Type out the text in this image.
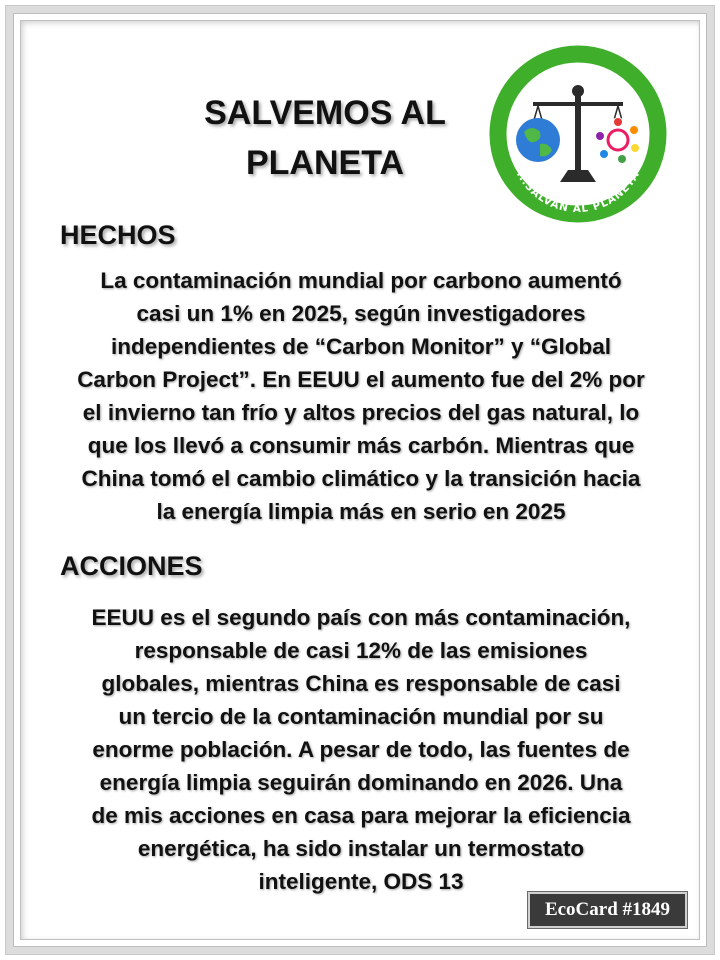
SALVEMOS AL
PLANETA
TUS ACCIONES...
...SALVAN AL PLANETA
HECHOS
La contaminación mundial por carbono aumentó
casi un 1% en 2025, según investigadores
independientes de “Carbon Monitor” y “Global
Carbon Project”. En EEUU el aumento fue del 2% por
el invierno tan frío y altos precios del gas natural, lo
que los llevó a consumir más carbón. Mientras que
China tomó el cambio climático y la transición hacia
la energía limpia más en serio en 2025
ACCIONES
EEUU es el segundo país con más contaminación,
responsable de casi 12% de las emisiones
globales, mientras China es responsable de casi
un tercio de la contaminación mundial por su
enorme población. A pesar de todo, las fuentes de
energía limpia seguirán dominando en 2026. Una
de mis acciones en casa para mejorar la eficiencia
energética, ha sido instalar un termostato
inteligente, ODS 13
EcoCard #1849
